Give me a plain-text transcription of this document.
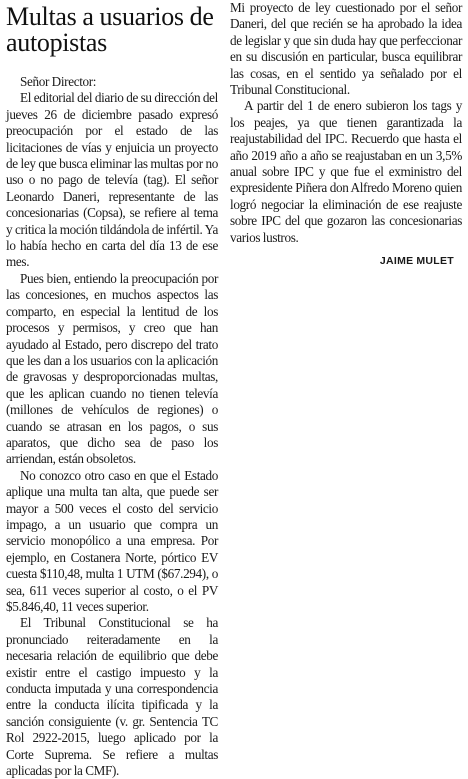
Multas a usuarios de autopistas

Señor Director:

El editorial del diario de su dirección del jueves 26 de diciembre pasado expresó preocupación por el estado de las licitaciones de vías y enjuicia un proyecto de ley que busca eliminar las multas por no uso o no pago de televía (tag). El señor Leonardo Daneri, representante de las concesionarias (Copsa), se refiere al tema y critica la moción tildándola de infértil. Ya lo había hecho en carta del día 13 de ese mes.

Pues bien, entiendo la preocupación por las concesiones, en muchos aspectos las comparto, en especial la lentitud de los procesos y permisos, y creo que han ayudado al Estado, pero discrepo del trato que les dan a los usuarios con la aplicación de gravosas y desproporcionadas multas, que les aplican cuando no tienen televía (millones de vehículos de regiones) o cuando se atrasan en los pagos, o sus aparatos, que dicho sea de paso los arriendan, están obsoletos.

No conozco otro caso en que el Estado aplique una multa tan alta, que puede ser mayor a 500 veces el costo del servicio impago, a un usuario que compra un servicio monopólico a una empresa. Por ejemplo, en Costanera Norte, pórtico EV cuesta $110,48, multa 1 UTM ($67.294), o sea, 611 veces superior al costo, o el PV $5.846,40, 11 veces superior.

El Tribunal Constitucional se ha pronunciado reiteradamente en la necesaria relación de equilibrio que debe existir entre el castigo impuesto y la conducta imputada y una correspondencia entre la conducta ilícita tipificada y la sanción consiguiente (v. gr. Sentencia TC Rol 2922-2015, luego aplicado por la Corte Suprema. Se refiere a multas aplicadas por la CMF).

Mi proyecto de ley cuestionado por el señor Daneri, del que recién se ha aprobado la idea de legislar y que sin duda hay que perfeccionar en su discusión en particular, busca equilibrar las cosas, en el sentido ya señalado por el Tribunal Constitucional.

A partir del 1 de enero subieron los tags y los peajes, ya que tienen garantizada la reajustabilidad del IPC. Recuerdo que hasta el año 2019 año a año se reajustaban en un 3,5% anual sobre IPC y que fue el exministro del expresidente Piñera don Alfredo Moreno quien logró negociar la eliminación de ese reajuste sobre IPC del que gozaron las concesionarias varios lustros.

JAIME MULET
